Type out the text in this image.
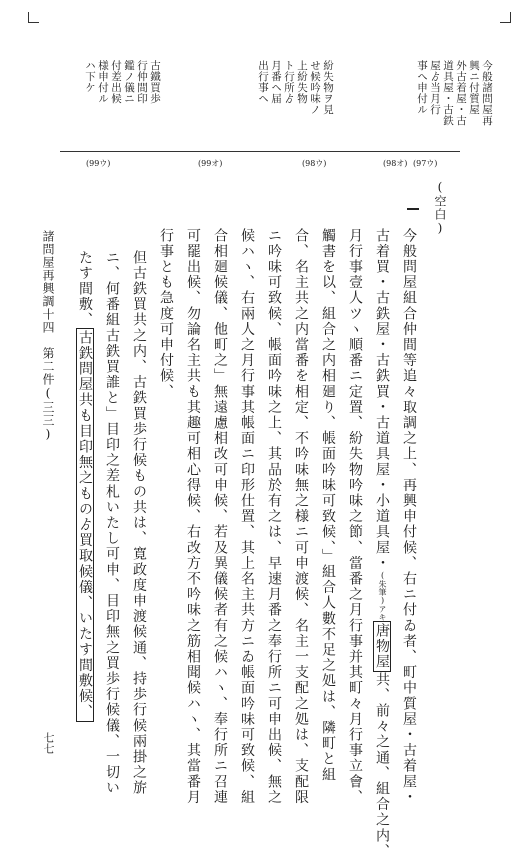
今般諸問屋再
興ニ付質屋
外古着屋・古
道具屋・古鉄
屋ゟ当月行
事へ申付ル
紛失物ヲ見
せ候吟味ノ
上紛失物
ト行所ゟ
月番ヘ届
出行事ヘ
古鐵買歩
行仲間印
鑑ノ儀ニ
付差出候
様申付ル
ハ下ケ
(99ウ)	(99オ)	(98ウ)	(98オ) (97ウ)
(空白)
今般問屋組合仲間等追々取調之上、再興申付候、右ニ付ゐ者、町中質屋・古着屋・
古着買・古鉄屋・古鉄買・古道具屋・小道具屋・(朱筆)アキ唐物屋共、前々之通、組合之内、
月行事壹人ツヽ順番ニ定置、紛失物吟味之節、當番之月行事并其町々月行事立會、
觸書を以、組合之内相廻り、帳面吟味可致候、」組合人數不足之処は、隣町と組
合、名主共之内當番を相定、不吟味無之様ニ可申渡候、名主一支配之処は、支配限
ニ吟味可致候、帳面吟味之上、其品於有之は、早速月番之奉行所ニ可申出候、無之
候ハヽ、右兩人之月行事其帳面ニ印形仕置、其上名主共方ニゐ帳面吟味可致候、組
合相廻候儀、他町之」無遠慮相改可申候、若及異儀候者有之候ハヽ、奉行所ニ召連
可罷出候、勿論名主共も其趣可相心得候、右改方不吟味之筋相聞候ハヽ、其當番月
行事とも急度可申付候、
但古鉄買共之内、古鉄買歩行候もの共は、寛政度申渡候通、持歩行候兩掛之旂
ニ、何番組古鉄買誰と」目印之差札いたし可申、目印無之買歩行候儀、一切い
たす間敷、古鉄問屋共も目印無之ものゟ買取候儀、いたす間敷候、
諸問屋再興調十四　第二件(三三)
七七
